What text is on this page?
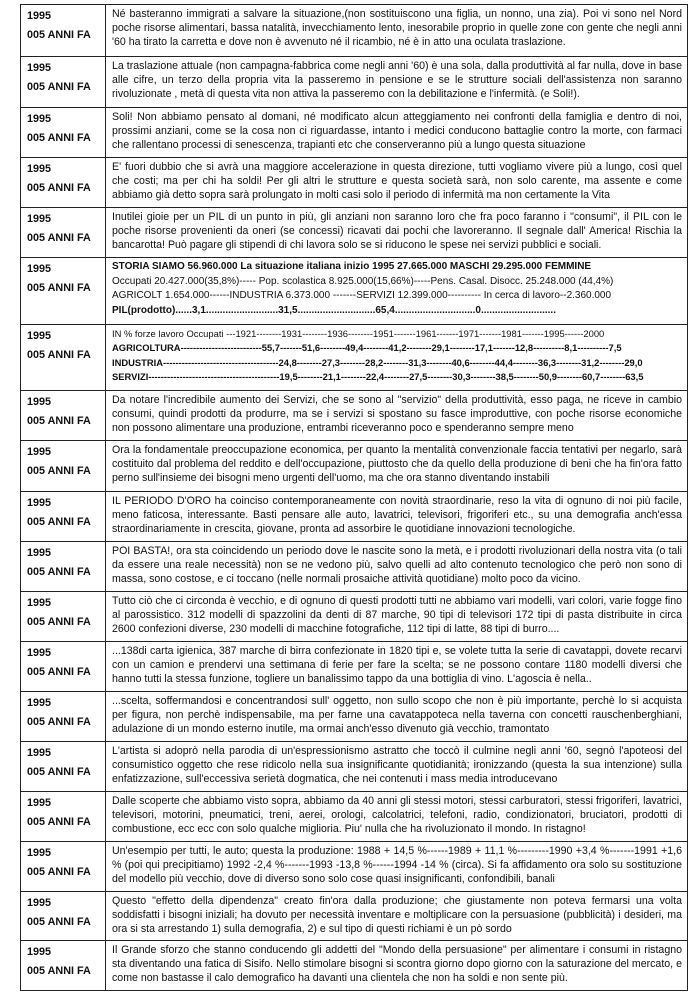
1995
005 ANNI FA

Né basteranno immigrati a salvare la situazione,(non sostituiscono una figlia, un nonno, una zia). Poi vi sono nel Nord poche risorse alimentari, bassa natalità, invecchiamento lento, inesorabile proprio in quelle zone con gente che negli anni '60 ha tirato la carretta e dove non è avvenuto né il ricambio, né è in atto una oculata traslazione.

1995
005 ANNI FA

La traslazione attuale (non campagna-fabbrica come negli anni '60) è una sola, dalla produttività al far nulla, dove in base alle cifre, un terzo della propria vita la passeremo in pensione e se le strutture sociali dell'assistenza non saranno rivoluzionate , metà di questa vita non attiva la passeremo con la debilitazione e l'infermità. (e Soli!).

1995
005 ANNI FA

Soli! Non abbiamo pensato al domani, né modificato alcun atteggiamento nei confronti della famiglia e dentro di noi, prossimi anziani, come se la cosa non ci riguardasse, intanto i medici conducono battaglie contro la morte, con farmaci che rallentano processi di senescenza, trapianti etc che conserveranno più a lungo questa situazione

1995
005 ANNI FA

E' fuori dubbio che si avrà una maggiore accelerazione in questa direzione, tutti vogliamo vivere più a lungo, così quel che costi; ma per chi ha soldi! Per gli altri le strutture e questa società sarà, non solo carente, ma assente e come abbiamo già detto sopra sarà prolungato in molti casi solo il periodo di infermità ma non certamente la Vita

1995
005 ANNI FA

Inutilei gioie per un PIL di un punto in più, gli anziani non saranno loro che fra poco faranno i "consumi", il PIL con le poche risorse provenienti da oneri (se concessi) ricavati dai pochi che lavoreranno. Il segnale dall' America! Rischia la bancarotta! Può pagare gli stipendi di chi lavora solo se si riducono le spese nei servizi pubblici e sociali.

1995
005 ANNI FA

STORIA SIAMO 56.960.000 La situazione italiana inizio 1995 27.665.000 MASCHI 29.295.000 FEMMINE

Occupati 20.427.000(35,8%)----- Pop. scolastica 8.925.000(15,66%)-----Pens. Casal. Disocc. 25.248.000 (44,4%)

AGRICOLT 1.654.000------INDUSTRIA 6.373.000 -------SERVIZI 12.399.000---------- In cerca di lavoro--2.360.000

PIL(prodotto)......3,1..........................31,5............................65,4.............................0...........................

1995
005 ANNI FA

IN % forze lavoro Occupati ---1921--------1931--------1936--------1951-------1961-------1971-------1981-------1995------2000

AGRICOLTURA--------------------------55,7-------51,6--------49,4--------41,2--------29,1--------17,1-------12,8----------8,1----------7,5

INDUSTRIA-------------------------------------24,8--------27,3--------28,2--------31,3--------40,6--------44,4--------36,3--------31,2--------29,0

SERVIZI------------------------------------------19,5--------21,1--------22,4--------27,5--------30,3--------38,5--------50,9--------60,7--------63,5

1995
005 ANNI FA

Da notare l'incredibile aumento dei Servizi, che se sono al "servizio" della produttività, esso paga, ne riceve in cambio consumi, quindi prodotti da produrre, ma se i servizi si spostano su fasce improduttive, con poche risorse economiche non possono alimentare una produzione, entrambi riceveranno poco e spenderanno sempre meno

1995
005 ANNI FA

Ora la fondamentale preoccupazione economica, per quanto la mentalità convenzionale faccia tentativi per negarlo, sarà costituito dal problema del reddito e dell'occupazione, piuttosto che da quello della produzione di beni che ha fin'ora fatto perno sull'insieme dei bisogni meno urgenti dell'uomo, ma che ora stanno diventando instabili

1995
005 ANNI FA

IL PERIODO D'ORO ha coinciso contemporaneamente con novità straordinarie, reso la vita di ognuno di noi più facile, meno faticosa, interessante. Basti pensare alle auto, lavatrici, televisori, frigoriferi etc., su una demografia anch'essa straordinariamente in crescita, giovane, pronta ad assorbire le quotidiane innovazioni tecnologiche.

1995
005 ANNI FA

POI BASTA!, ora sta coincidendo un periodo dove le nascite sono la metà, e i prodotti rivoluzionari della nostra vita (o tali da essere una reale necessità) non se ne vedono più, salvo quelli ad alto contenuto tecnologico che però non sono di massa, sono costose, e ci toccano (nelle normali prosaiche attività quotidiane) molto poco da vicino.

1995
005 ANNI FA

Tutto ciò che ci circonda è vecchio, e di ognuno di questi prodotti tutti ne abbiamo vari modelli, vari colori, varie fogge fino al parossistico. 312 modelli di spazzolini da denti di 87 marche, 90 tipi di televisori 172 tipi di pasta distribuite in circa 2600 confezioni diverse, 230 modelli di macchine fotografiche, 112 tipi di latte, 88 tipi di burro....

1995
005 ANNI FA

...138di carta igienica, 387 marche di birra confezionate in 1820 tipi e, se volete tutta la serie di cavatappi, dovete recarvi con un camion e prendervi una settimana di ferie per fare la scelta; se ne possono contare 1180 modelli diversi che hanno tutti la stessa funzione, togliere un banalissimo tappo da una bottiglia di vino. L'agoscia è nella..

1995
005 ANNI FA

...scelta, soffermandosi e concentrandosi sull' oggetto, non sullo scopo che non è più importante, perchè lo si acquista per figura, non perchè indispensabile, ma per farne una cavatappoteca nella taverna con concetti rauschenberghiani, adulazione di un mondo esterno inutile, ma ormai anch'esso divenuto già vecchio, tramontato

1995
005 ANNI FA

L'artista si adoprò nella parodia di un'espressionismo astratto che toccò il culmine negli anni '60, segnò l'apoteosi del consumistico oggetto che rese ridicolo nella sua insignificante quotidianità; ironizzando (questa la sua intenzione) sulla enfatizzazione, sull'eccessiva serietà dogmatica, che nei contenuti i mass media introducevano

1995
005 ANNI FA

Dalle scoperte che abbiamo visto sopra, abbiamo da 40 anni gli stessi motori, stessi carburatori, stessi frigoriferi, lavatrici, televisori, motorini, pneumatici, treni, aerei, orologi, calcolatrici, telefoni, radio, condizionatori, bruciatori, prodotti di combustione, ecc ecc con solo qualche miglioria. Piu' nulla che ha rivoluzionato il mondo. In ristagno!

1995
005 ANNI FA

Un'esempio per tutti, le auto; questa la produzione: 1988 + 14,5 %------1989 + 11,1 %---------1990 +3,4 %-------1991 +1,6 % (poi qui precipitiamo) 1992 -2,4 %-------1993 -13,8 %------1994 -14 % (circa). Si fa affidamento ora solo su sostituzione del modello più vecchio, dove di diverso sono solo cose quasi insignificanti, confondibili, banali

1995
005 ANNI FA

Questo "effetto della dipendenza" creato fin'ora dalla produzione; che giustamente non poteva fermarsi una volta soddisfatti i bisogni iniziali; ha dovuto per necessità inventare e moltiplicare con la persuasione (pubblicità) i desideri, ma ora si sta arrestando 1) sulla demografia, 2) e sul tipo di questi richiami è un pò sordo

1995
005 ANNI FA

Il Grande sforzo che stanno conducendo gli addetti del "Mondo della persuasione" per alimentare i consumi in ristagno sta diventando una fatica di Sisifo. Nello stimolare bisogni si scontra giorno dopo giorno con la saturazione del mercato, e come non bastasse il calo demografico ha davanti una clientela che non ha soldi e non sente più.
